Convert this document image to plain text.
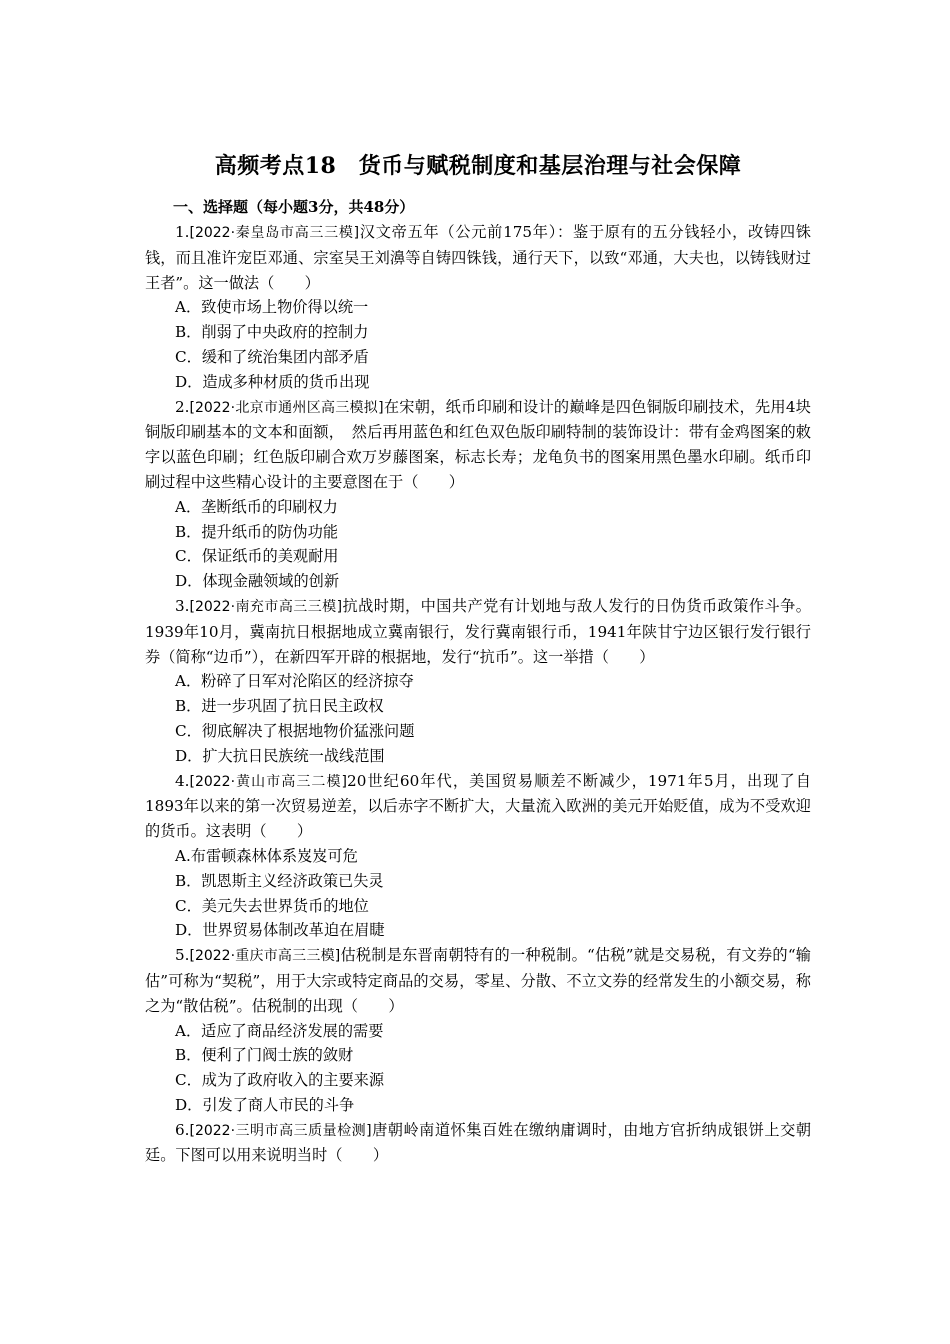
高频考点18　货币与赋税制度和基层治理与社会保障
一、选择题（每小题3分，共48分）

1.[2022·秦皇岛市高三三模]汉文帝五年（公元前175年）：鉴于原有的五分钱轻小，改铸四铢钱，而且准许宠臣邓通、宗室吴王刘濞等自铸四铢钱，通行天下，以致“邓通，大夫也，以铸钱财过王者”。这一做法（　　）

A．致使市场上物价得以统一
B．削弱了中央政府的控制力
C．缓和了统治集团内部矛盾
D．造成多种材质的货币出现

2.[2022·北京市通州区高三模拟]在宋朝，纸币印刷和设计的巅峰是四色铜版印刷技术，先用4块铜版印刷基本的文本和面额，　然后再用蓝色和红色双色版印刷特制的装饰设计：带有金鸡图案的敕字以蓝色印刷；红色版印刷合欢万岁藤图案，标志长寿；龙龟负书的图案用黑色墨水印刷。纸币印刷过程中这些精心设计的主要意图在于（　　）

A．垄断纸币的印刷权力
B．提升纸币的防伪功能
C．保证纸币的美观耐用
D．体现金融领域的创新

3.[2022·南充市高三三模]抗战时期，中国共产党有计划地与敌人发行的日伪货币政策作斗争。1939年10月，冀南抗日根据地成立冀南银行，发行冀南银行币，1941年陕甘宁边区银行发行银行券（简称“边币”），在新四军开辟的根据地，发行“抗币”。这一举措（　　）

A．粉碎了日军对沦陷区的经济掠夺
B．进一步巩固了抗日民主政权
C．彻底解决了根据地物价猛涨问题
D．扩大抗日民族统一战线范围

4.[2022·黄山市高三二模]20世纪60年代，美国贸易顺差不断减少，1971年5月，出现了自1893年以来的第一次贸易逆差，以后赤字不断扩大，大量流入欧洲的美元开始贬值，成为不受欢迎的货币。这表明（　　）

A.布雷顿森林体系岌岌可危
B．凯恩斯主义经济政策已失灵
C．美元失去世界货币的地位
D．世界贸易体制改革迫在眉睫

5.[2022·重庆市高三三模]估税制是东晋南朝特有的一种税制。“估税”就是交易税，有文券的“输估”可称为“契税”，用于大宗或特定商品的交易，零星、分散、不立文券的经常发生的小额交易，称之为“散估税”。估税制的出现（　　）

A．适应了商品经济发展的需要
B．便利了门阀士族的敛财
C．成为了政府收入的主要来源
D．引发了商人市民的斗争

6.[2022·三明市高三质量检测]唐朝岭南道怀集百姓在缴纳庸调时，由地方官折纳成银饼上交朝廷。下图可以用来说明当时（　　）
